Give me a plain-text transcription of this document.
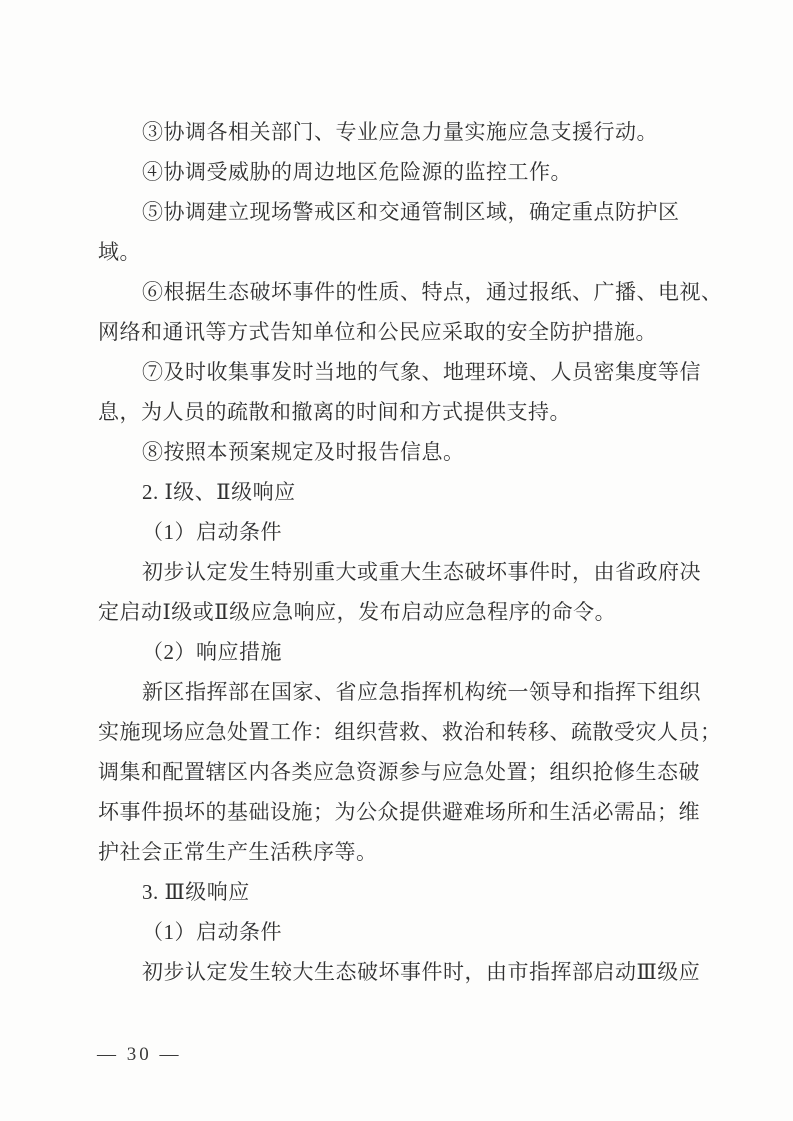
③协调各相关部门、专业应急力量实施应急支援行动。
④协调受威胁的周边地区危险源的监控工作。
⑤协调建立现场警戒区和交通管制区域，确定重点防护区
域。
⑥根据生态破坏事件的性质、特点，通过报纸、广播、电视、
网络和通讯等方式告知单位和公民应采取的安全防护措施。
⑦及时收集事发时当地的气象、地理环境、人员密集度等信
息，为人员的疏散和撤离的时间和方式提供支持。
⑧按照本预案规定及时报告信息。
2. Ⅰ级、Ⅱ级响应
（1）启动条件
初步认定发生特别重大或重大生态破坏事件时，由省政府决
定启动Ⅰ级或Ⅱ级应急响应，发布启动应急程序的命令。
（2）响应措施
新区指挥部在国家、省应急指挥机构统一领导和指挥下组织
实施现场应急处置工作：组织营救、救治和转移、疏散受灾人员；
调集和配置辖区内各类应急资源参与应急处置；组织抢修生态破
坏事件损坏的基础设施；为公众提供避难场所和生活必需品；维
护社会正常生产生活秩序等。
3. Ⅲ级响应
（1）启动条件
初步认定发生较大生态破坏事件时，由市指挥部启动Ⅲ级应
— 30 —
